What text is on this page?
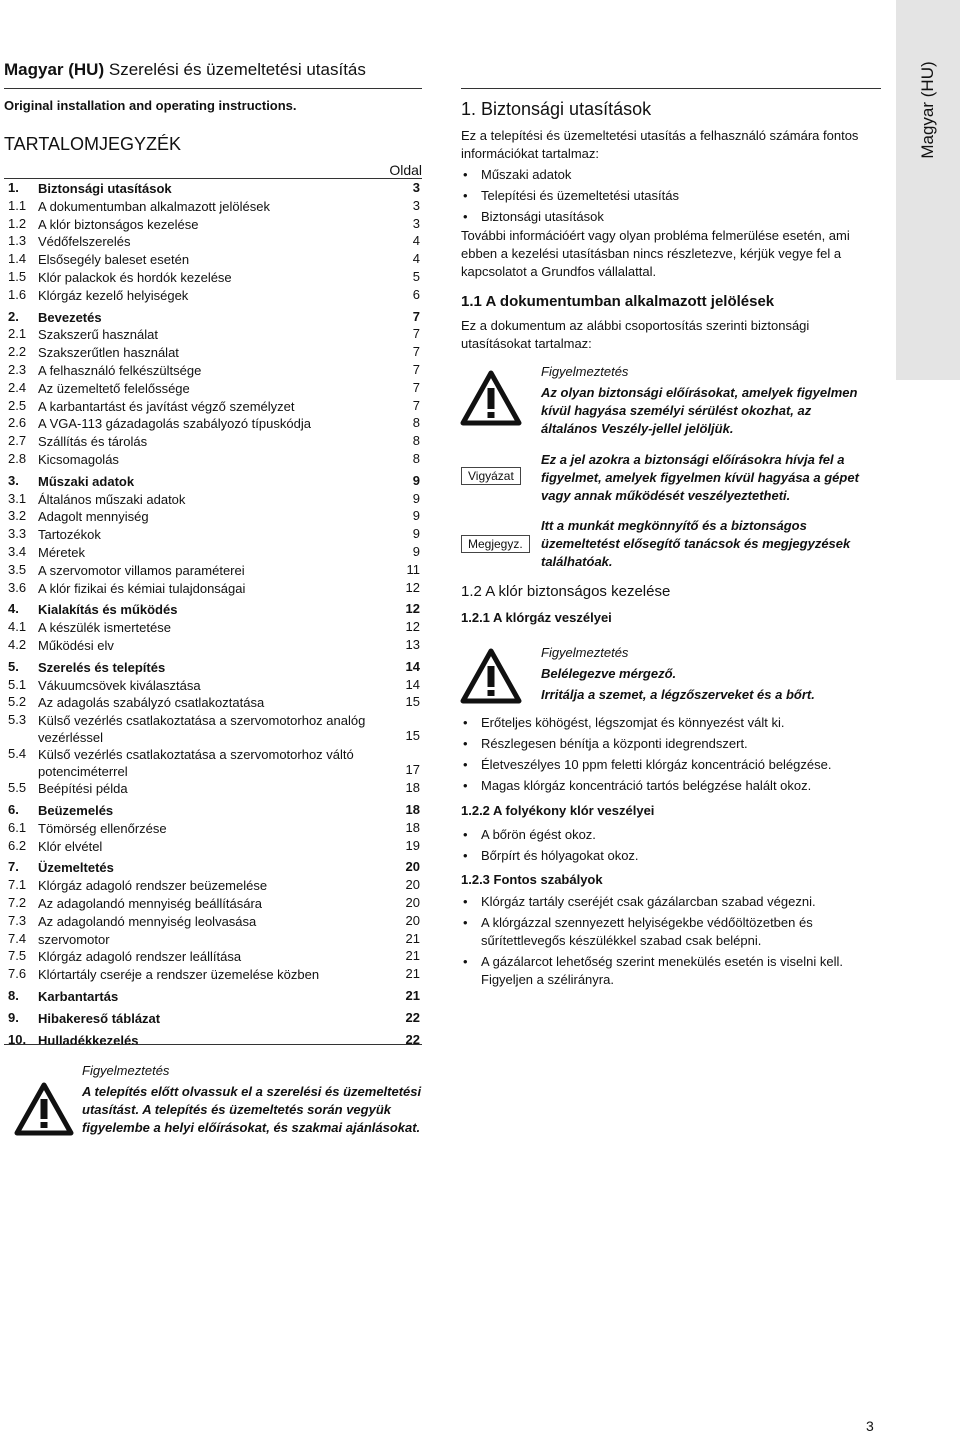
Magyar (HU)
Magyar (HU) Szerelési és üzemeltetési utasítás
Original installation and operating instructions.
TARTALOMJEGYZÉK
Oldal
1. Biztonsági utasítások	3
1.1 A dokumentumban alkalmazott jelölések	3
1.2 A klór biztonságos kezelése	3
1.3 Védőfelszerelés	4
1.4 Elsősegély baleset esetén	4
1.5 Klór palackok és hordók kezelése	5
1.6 Klórgáz kezelő helyiségek	6
2. Bevezetés	7
2.1 Szakszerű használat	7
2.2 Szakszerűtlen használat	7
2.3 A felhasználó felkészültsége	7
2.4 Az üzemeltető felelőssége	7
2.5 A karbantartást és javítást végző személyzet	7
2.6 A VGA-113 gázadagolás szabályozó típuskódja	8
2.7 Szállítás és tárolás	8
2.8 Kicsomagolás	8
3. Műszaki adatok	9
3.1 Általános műszaki adatok	9
3.2 Adagolt mennyiség	9
3.3 Tartozékok	9
3.4 Méretek	9
3.5 A szervomotor villamos paraméterei	11
3.6 A klór fizikai és kémiai tulajdonságai	12
4. Kialakítás és működés	12
4.1 A készülék ismertetése	12
4.2 Működési elv	13
5. Szerelés és telepítés	14
5.1 Vákuumcsövek kiválasztása	14
5.2 Az adagolás szabályzó csatlakoztatása	15
5.3 Külső vezérlés csatlakoztatása a szervomotorhoz analóg vezérléssel	15
5.4 Külső vezérlés csatlakoztatása a szervomotorhoz váltó potenciméterrel	17
5.5 Beépítési példa	18
6. Beüzemelés	18
6.1 Tömörség ellenőrzése	18
6.2 Klór elvétel	19
7. Üzemeltetés	20
7.1 Klórgáz adagoló rendszer beüzemelése	20
7.2 Az adagolandó mennyiség beállítására	20
7.3 Az adagolandó mennyiség leolvasása	20
7.4 szervomotor	21
7.5 Klórgáz adagoló rendszer leállítása	21
7.6 Klórtartály cseréje a rendszer üzemelése közben	21
8. Karbantartás	21
9. Hibakereső táblázat	22
10. Hulladékkezelés	22
Figyelmeztetés
A telepítés előtt olvassuk el a szerelési és üzemeltetési utasítást. A telepítés és üzemeltetés során vegyük figyelembe a helyi előírásokat, és szakmai ajánlásokat.
1. Biztonsági utasítások
Ez a telepítési és üzemeltetési utasítás a felhasználó számára fontos információkat tartalmaz:
• Műszaki adatok
• Telepítési és üzemeltetési utasítás
• Biztonsági utasítások
További információért vagy olyan probléma felmerülése esetén, ami ebben a kezelési utasításban nincs részletezve, kérjük vegye fel a kapcsolatot a Grundfos vállalattal.
1.1 A dokumentumban alkalmazott jelölések
Ez a dokumentum az alábbi csoportosítás szerinti biztonsági utasításokat tartalmaz:
Figyelmeztetés
Az olyan biztonsági előírásokat, amelyek figyelmen kívül hagyása személyi sérülést okozhat, az általános Veszély-jellel jelöljük.
Vigyázat
Ez a jel azokra a biztonsági előírásokra hívja fel a figyelmet, amelyek figyelmen kívül hagyása a gépet vagy annak működését veszélyeztetheti.
Megjegyz.
Itt a munkát megkönnyítő és a biztonságos üzemeltetést elősegítő tanácsok és megjegyzések találhatóak.
1.2 A klór biztonságos kezelése
1.2.1 A klórgáz veszélyei
Figyelmeztetés
Belélegezve mérgező.
Irritálja a szemet, a légzőszerveket és a bőrt.
• Erőteljes köhögést, légszomjat és könnyezést vált ki.
• Részlegesen bénítja a központi idegrendszert.
• Életveszélyes 10 ppm feletti klórgáz koncentráció belégzése.
• Magas klórgáz koncentráció tartós belégzése halált okoz.
1.2.2 A folyékony klór veszélyei
• A bőrön égést okoz.
• Bőrpírt és hólyagokat okoz.
1.2.3 Fontos szabályok
• Klórgáz tartály cseréjét csak gázálarcban szabad végezni.
• A klórgázzal szennyezett helyiségekbe védőöltözetben és sűrítettlevegős készülékkel szabad csak belépni.
• A gázálarcot lehetőség szerint menekülés esetén is viselni kell. Figyeljen a szélirányra.
3
